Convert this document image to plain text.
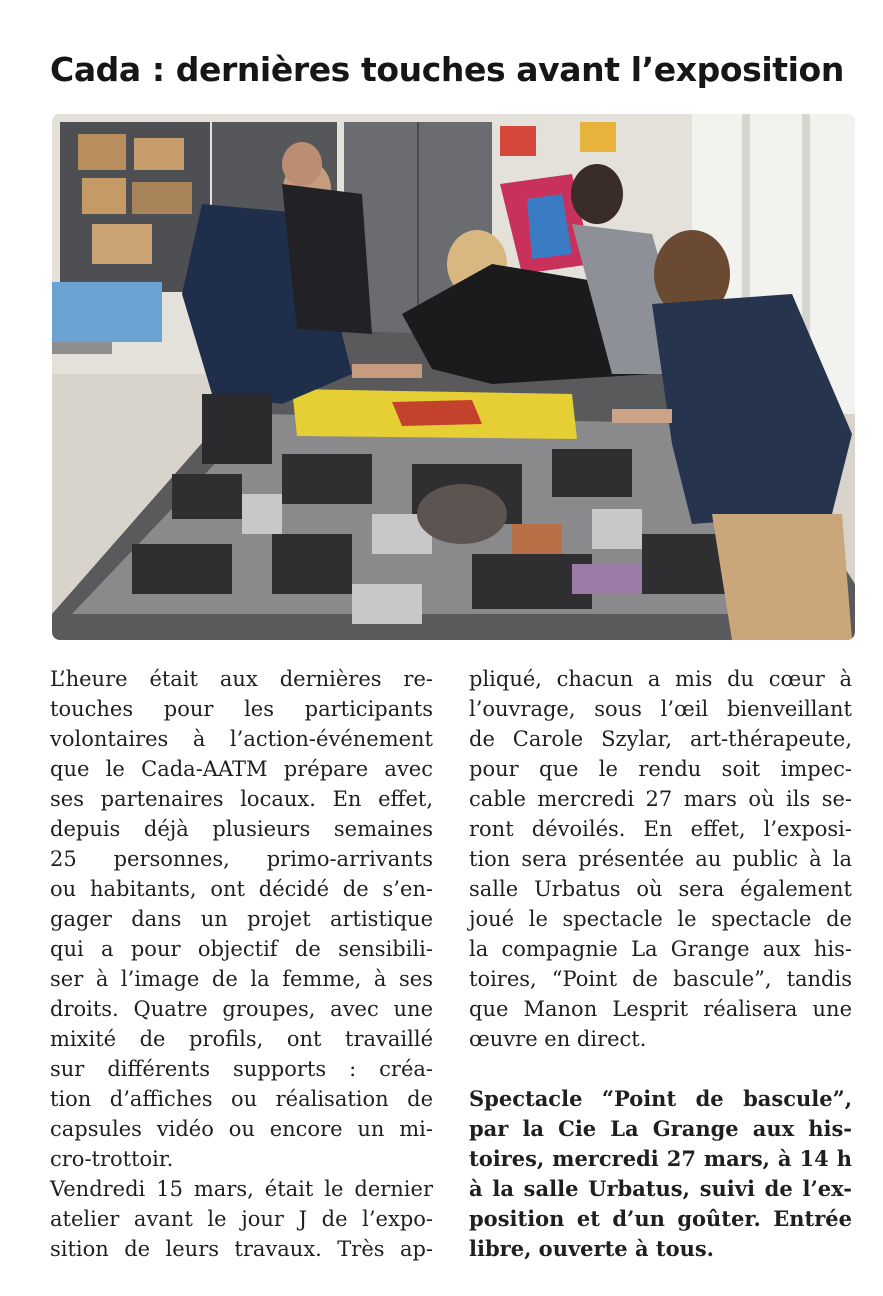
Cada : dernières touches avant l’exposition

L’heure était aux dernières re-
touches pour les participants
volontaires à l’action-événement
que le Cada-AATM prépare avec
ses partenaires locaux. En effet,
depuis déjà plusieurs semaines
25 personnes, primo-arrivants
ou habitants, ont décidé de s’en-
gager dans un projet artistique
qui a pour objectif de sensibili-
ser à l’image de la femme, à ses
droits. Quatre groupes, avec une
mixité de profils, ont travaillé
sur différents supports : créa-
tion d’affiches ou réalisation de
capsules vidéo ou encore un mi-
cro-trottoir.

Vendredi 15 mars, était le dernier
atelier avant le jour J de l’expo-
sition de leurs travaux. Très ap-

pliqué, chacun a mis du cœur à
l’ouvrage, sous l’œil bienveillant
de Carole Szylar, art-thérapeute,
pour que le rendu soit impec-
cable mercredi 27 mars où ils se-
ront dévoilés. En effet, l’exposi-
tion sera présentée au public à la
salle Urbatus où sera également
joué le spectacle le spectacle de
la compagnie La Grange aux his-
toires, “Point de bascule”, tandis
que Manon Lesprit réalisera une
œuvre en direct.

Spectacle “Point de bascule”,
par la Cie La Grange aux his-
toires, mercredi 27 mars, à 14 h
à la salle Urbatus, suivi de l’ex-
position et d’un goûter. Entrée
libre, ouverte à tous.
